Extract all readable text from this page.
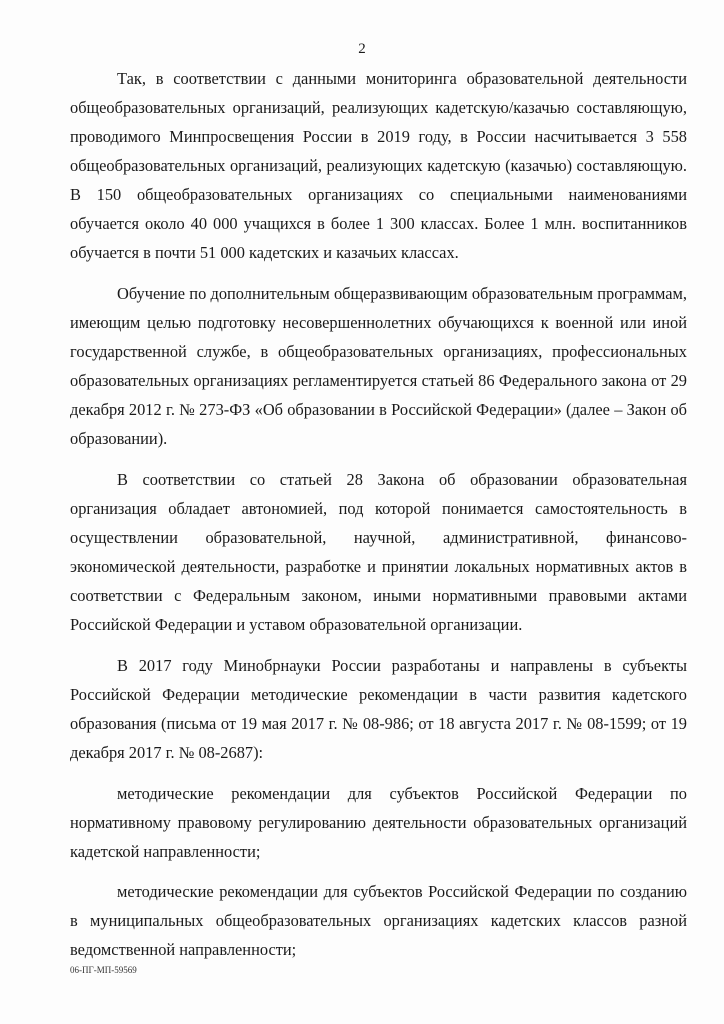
2

Так, в соответствии с данными мониторинга образовательной деятельности общеобразовательных организаций, реализующих кадетскую/казачью составляющую, проводимого Минпросвещения России в 2019 году, в России насчитывается 3 558 общеобразовательных организаций, реализующих кадетскую (казачью) составляющую. В 150 общеобразовательных организациях со специальными наименованиями обучается около 40 000 учащихся в более 1 300 классах. Более 1 млн. воспитанников обучается в почти 51 000 кадетских и казачьих классах.

Обучение по дополнительным общеразвивающим образовательным программам, имеющим целью подготовку несовершеннолетних обучающихся к военной или иной государственной службе, в общеобразовательных организациях, профессиональных образовательных организациях регламентируется статьей 86 Федерального закона от 29 декабря 2012 г. № 273-ФЗ «Об образовании в Российской Федерации» (далее – Закон об образовании).

В соответствии со статьей 28 Закона об образовании образовательная организация обладает автономией, под которой понимается самостоятельность в осуществлении образовательной, научной, административной, финансово-экономической деятельности, разработке и принятии локальных нормативных актов в соответствии с Федеральным законом, иными нормативными правовыми актами Российской Федерации и уставом образовательной организации.

В 2017 году Минобрнауки России разработаны и направлены в субъекты Российской Федерации методические рекомендации в части развития кадетского образования (письма от 19 мая 2017 г. № 08-986; от 18 августа 2017 г. № 08-1599; от 19 декабря 2017 г. № 08-2687):

методические рекомендации для субъектов Российской Федерации по нормативному правовому регулированию деятельности образовательных организаций кадетской направленности;

методические рекомендации для субъектов Российской Федерации по созданию в муниципальных общеобразовательных организациях кадетских классов разной ведомственной направленности;

06-ПГ-МП-59569
